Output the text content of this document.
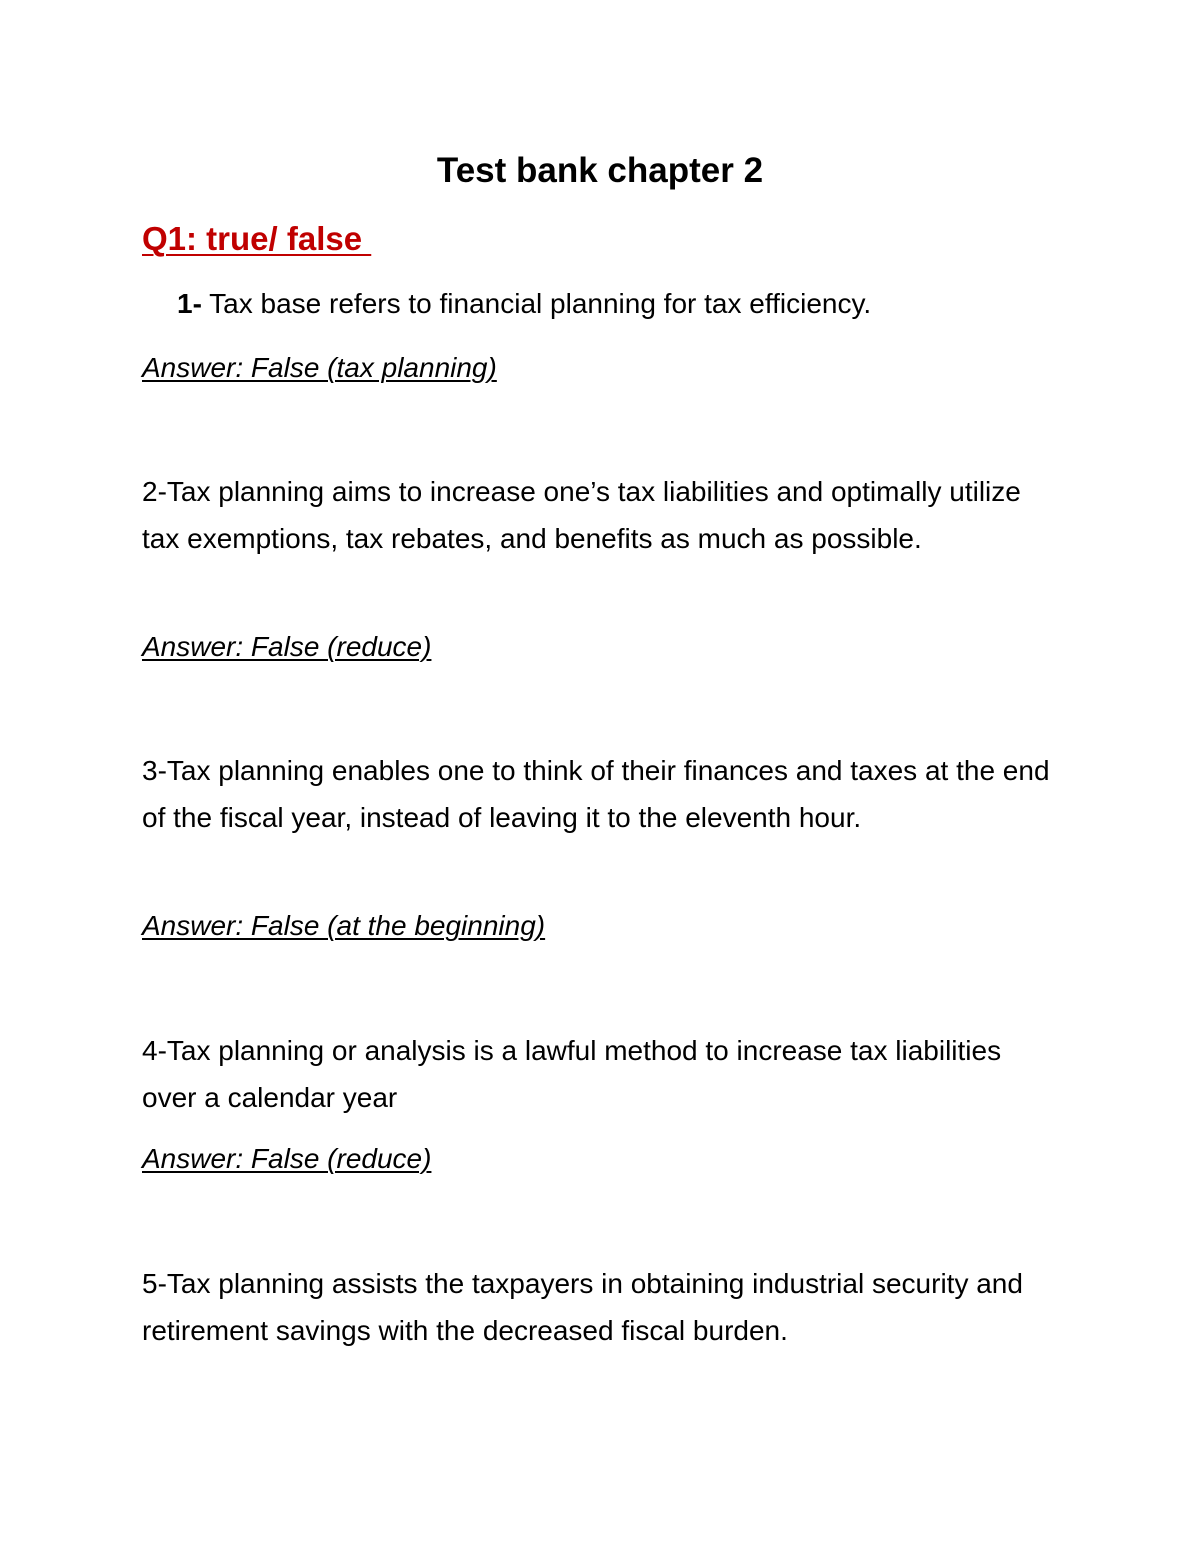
Test bank chapter 2
Q1: true/ false
1- Tax base refers to financial planning for tax efficiency.
Answer: False (tax planning)
2-Tax planning aims to increase one’s tax liabilities and optimally utilize tax exemptions, tax rebates, and benefits as much as possible.
Answer: False (reduce)
3-Tax planning enables one to think of their finances and taxes at the end of the fiscal year, instead of leaving it to the eleventh hour.
Answer: False (at the beginning)
4-Tax planning or analysis is a lawful method to increase tax liabilities over a calendar year
Answer: False (reduce)
5-Tax planning assists the taxpayers in obtaining industrial security and retirement savings with the decreased fiscal burden.
